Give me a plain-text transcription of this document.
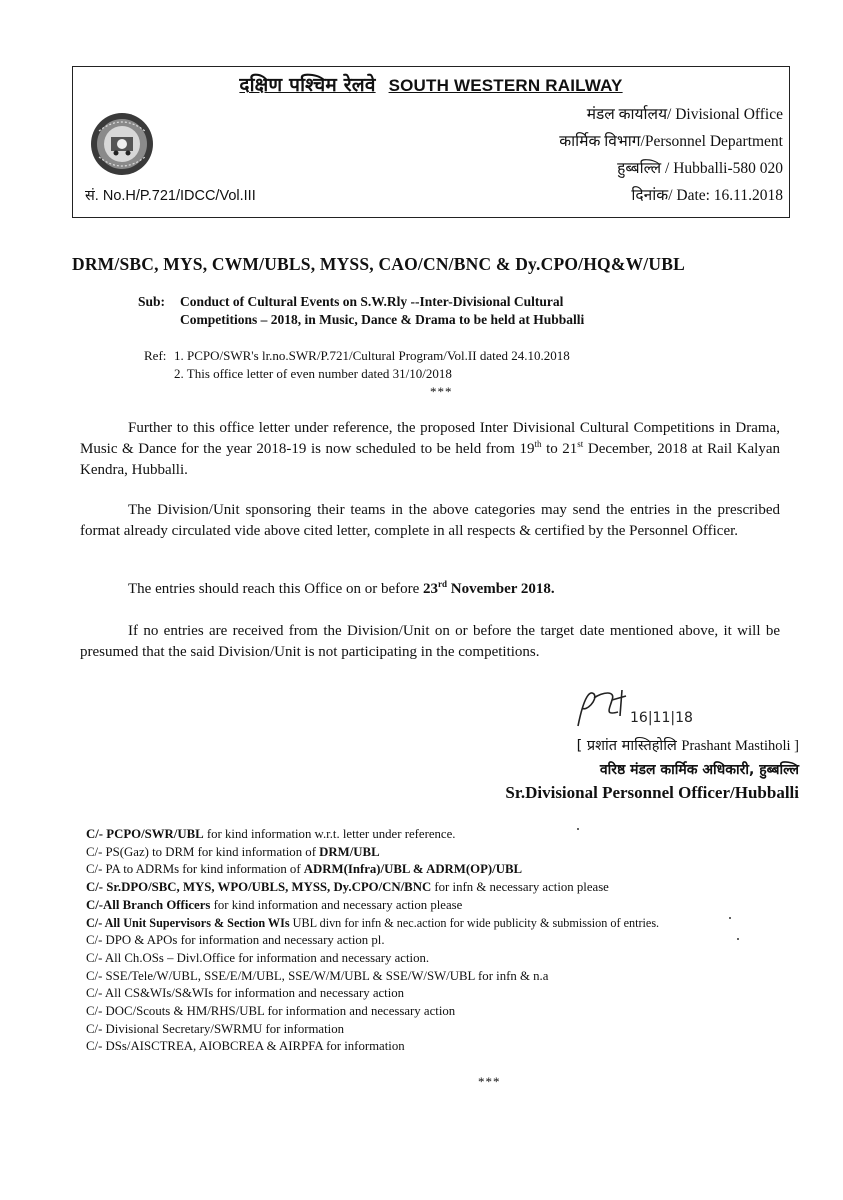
दक्षिण पश्चिम रेलवे SOUTH WESTERN RAILWAY
मंडल कार्यालय/ Divisional Office
कार्मिक विभाग/Personnel Department
हुब्बल्लि / Hubballi-580 020
दिनांक/ Date: 16.11.2018
सं. No.H/P.721/IDCC/Vol.III
DRM/SBC, MYS, CWM/UBLS, MYSS, CAO/CN/BNC & Dy.CPO/HQ&W/UBL
Sub: Conduct of Cultural Events on S.W.Rly --Inter-Divisional Cultural
Competitions – 2018, in Music, Dance & Drama to be held at Hubballi
Ref: 1. PCPO/SWR's lr.no.SWR/P.721/Cultural Program/Vol.II dated 24.10.2018
2. This office letter of even number dated 31/10/2018
***
Further to this office letter under reference, the proposed Inter Divisional Cultural Competitions in Drama, Music & Dance for the year 2018-19 is now scheduled to be held from 19th to 21st December, 2018 at Rail Kalyan Kendra, Hubballi.
The Division/Unit sponsoring their teams in the above categories may send the entries in the prescribed format already circulated vide above cited letter, complete in all respects & certified by the Personnel Officer.
The entries should reach this Office on or before 23rd November 2018.
If no entries are received from the Division/Unit on or before the target date mentioned above, it will be presumed that the said Division/Unit is not participating in the competitions.
16|11|18
[ प्रशांत मास्तिहोलि Prashant Mastiholi ]
वरिष्ठ मंडल कार्मिक अधिकारी, हुब्बल्लि
Sr.Divisional Personnel Officer/Hubballi
C/- PCPO/SWR/UBL for kind information w.r.t. letter under reference.
C/- PS(Gaz) to DRM for kind information of DRM/UBL
C/- PA to ADRMs for kind information of ADRM(Infra)/UBL & ADRM(OP)/UBL
C/- Sr.DPO/SBC, MYS, WPO/UBLS, MYSS, Dy.CPO/CN/BNC for infn & necessary action please
C/-All Branch Officers for kind information and necessary action please
C/- All Unit Supervisors & Section WIs UBL divn for infn & nec.action for wide publicity & submission of entries.
C/- DPO & APOs for information and necessary action pl.
C/- All Ch.OSs – Divl.Office for information and necessary action.
C/- SSE/Tele/W/UBL, SSE/E/M/UBL, SSE/W/M/UBL & SSE/W/SW/UBL for infn & n.a
C/- All CS&WIs/S&WIs for information and necessary action
C/- DOC/Scouts & HM/RHS/UBL for information and necessary action
C/- Divisional Secretary/SWRMU for information
C/- DSs/AISCTREA, AIOBCREA & AIRPFA for information
***
